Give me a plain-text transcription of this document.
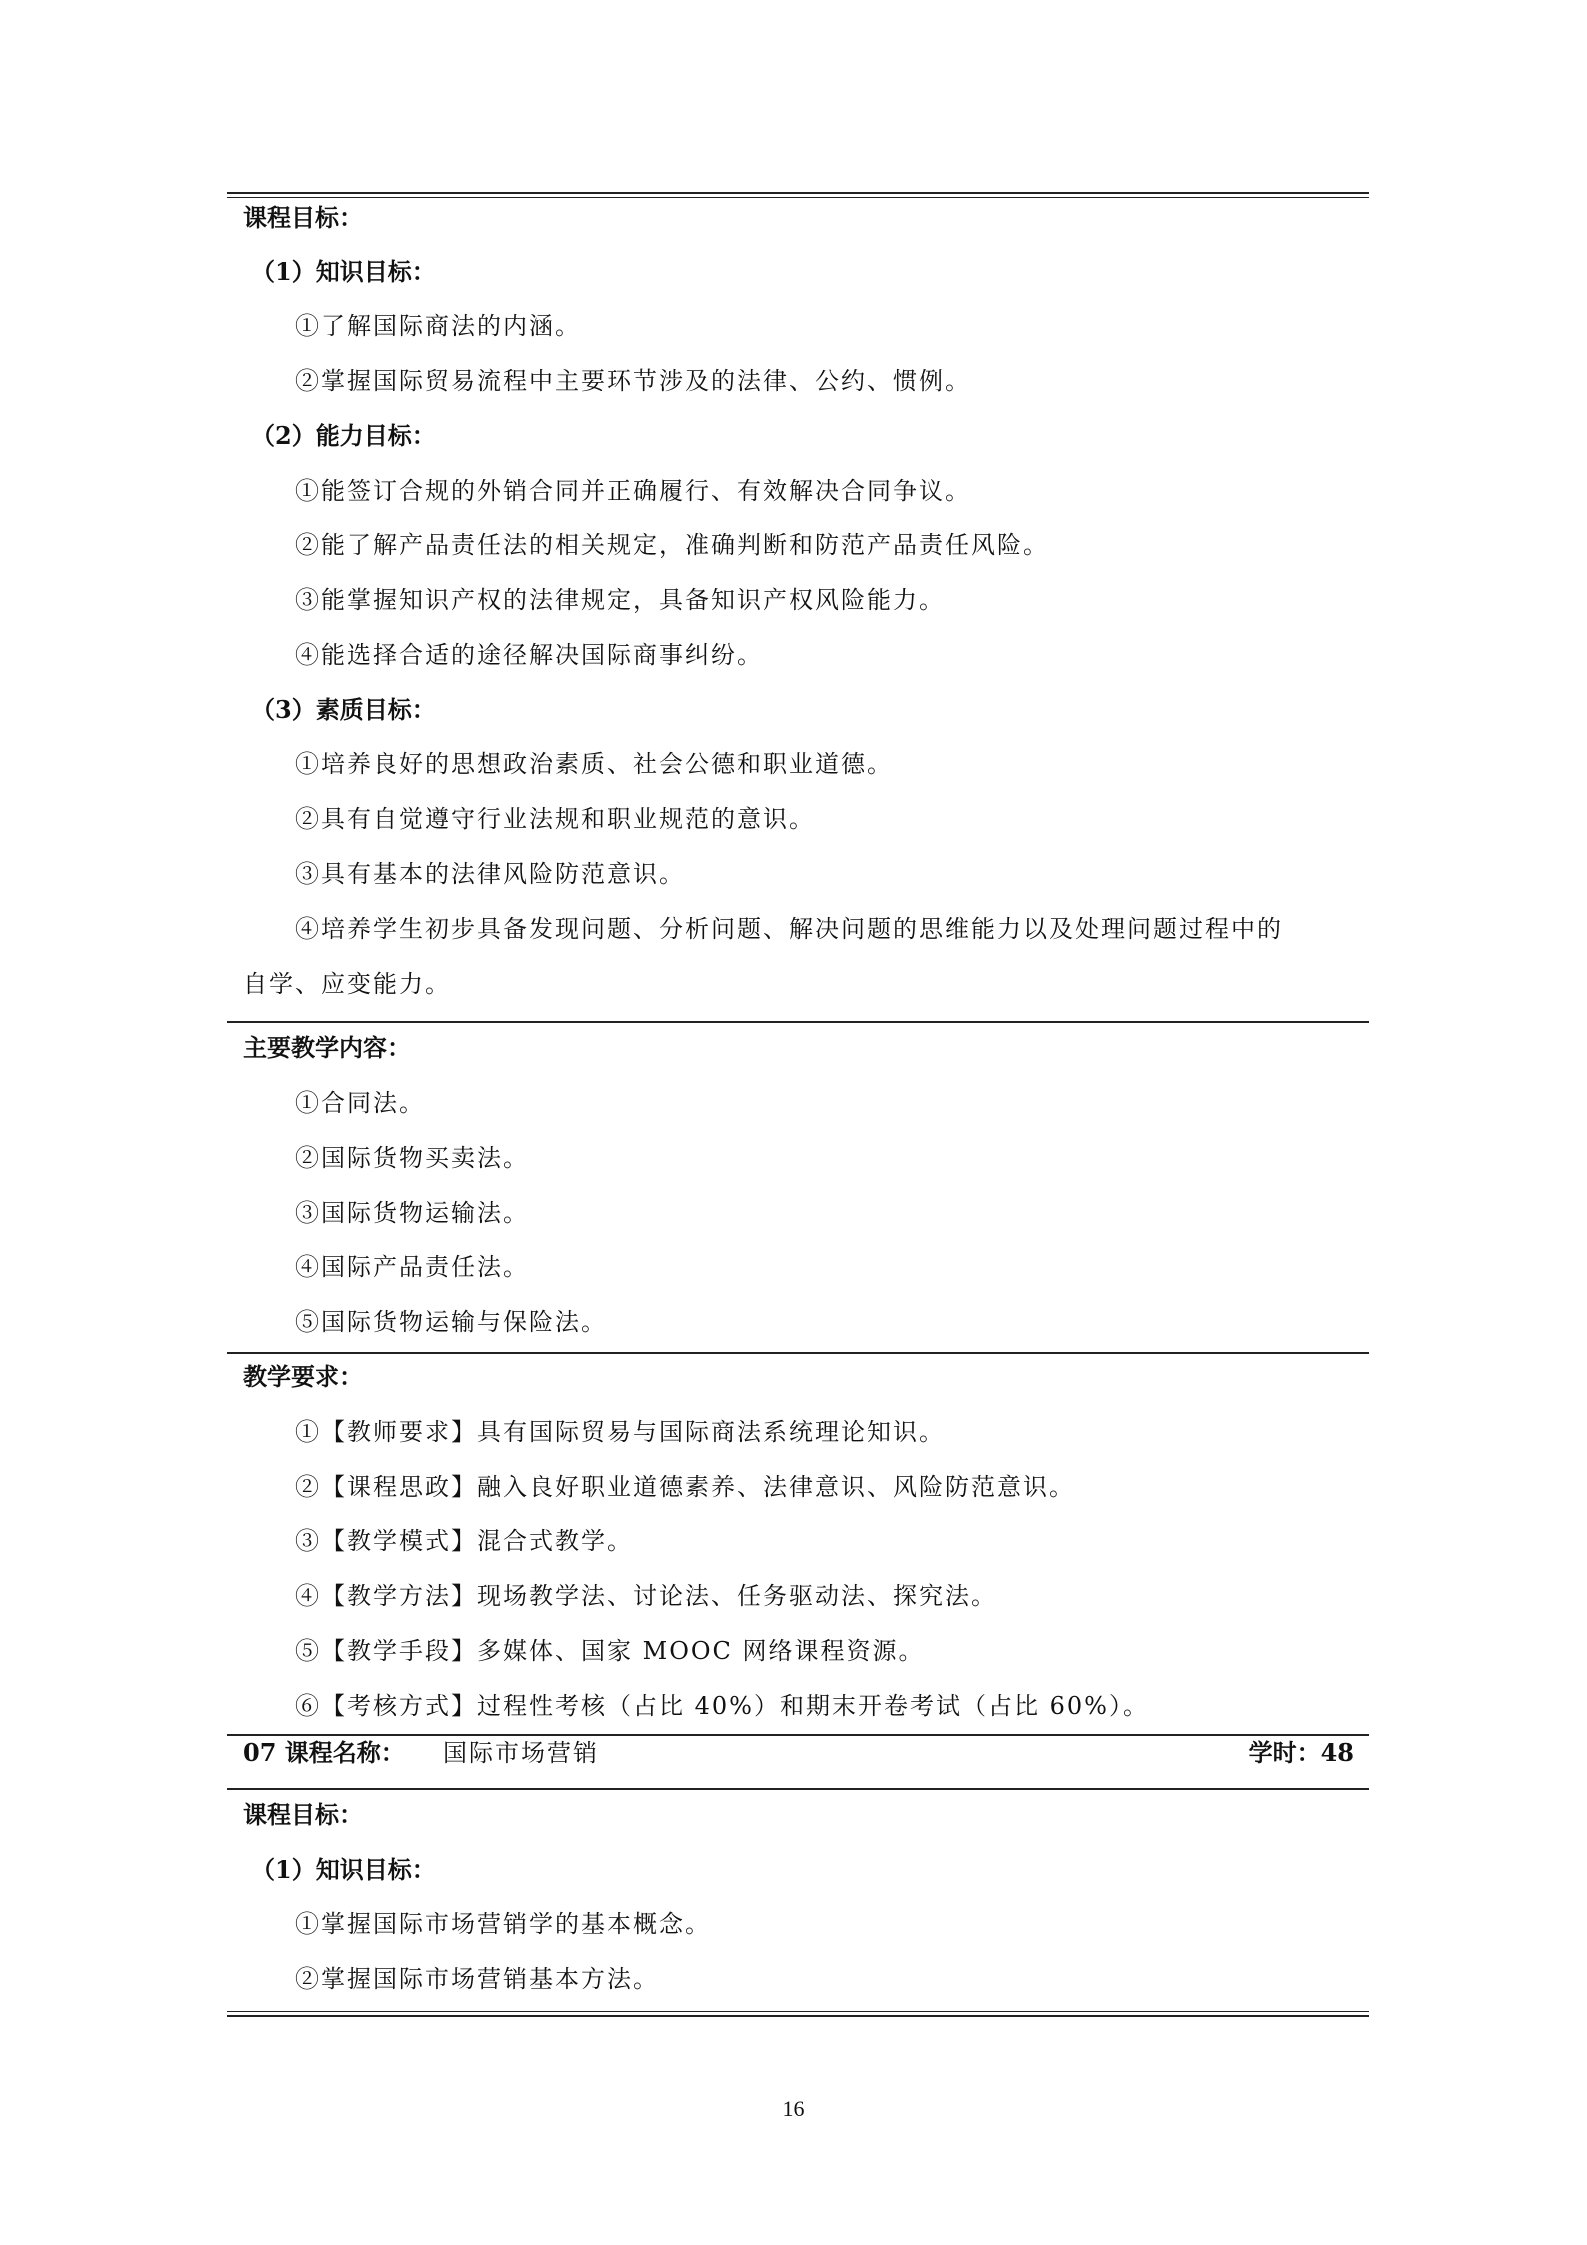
课程目标：
（1）知识目标：
①了解国际商法的内涵。
②掌握国际贸易流程中主要环节涉及的法律、公约、惯例。
（2）能力目标：
①能签订合规的外销合同并正确履行、有效解决合同争议。
②能了解产品责任法的相关规定，准确判断和防范产品责任风险。
③能掌握知识产权的法律规定，具备知识产权风险能力。
④能选择合适的途径解决国际商事纠纷。
（3）素质目标：
①培养良好的思想政治素质、社会公德和职业道德。
②具有自觉遵守行业法规和职业规范的意识。
③具有基本的法律风险防范意识。
④培养学生初步具备发现问题、分析问题、解决问题的思维能力以及处理问题过程中的
自学、应变能力。
主要教学内容：
①合同法。
②国际货物买卖法。
③国际货物运输法。
④国际产品责任法。
⑤国际货物运输与保险法。
教学要求：
①【教师要求】具有国际贸易与国际商法系统理论知识。
②【课程思政】融入良好职业道德素养、法律意识、风险防范意识。
③【教学模式】混合式教学。
④【教学方法】现场教学法、讨论法、任务驱动法、探究法。
⑤【教学手段】多媒体、国家 MOOC 网络课程资源。
⑥【考核方式】过程性考核（占比 40%）和期末开卷考试（占比 60%）。
07 课程名称： 国际市场营销	学时：48
课程目标：
（1）知识目标：
①掌握国际市场营销学的基本概念。
②掌握国际市场营销基本方法。
16
